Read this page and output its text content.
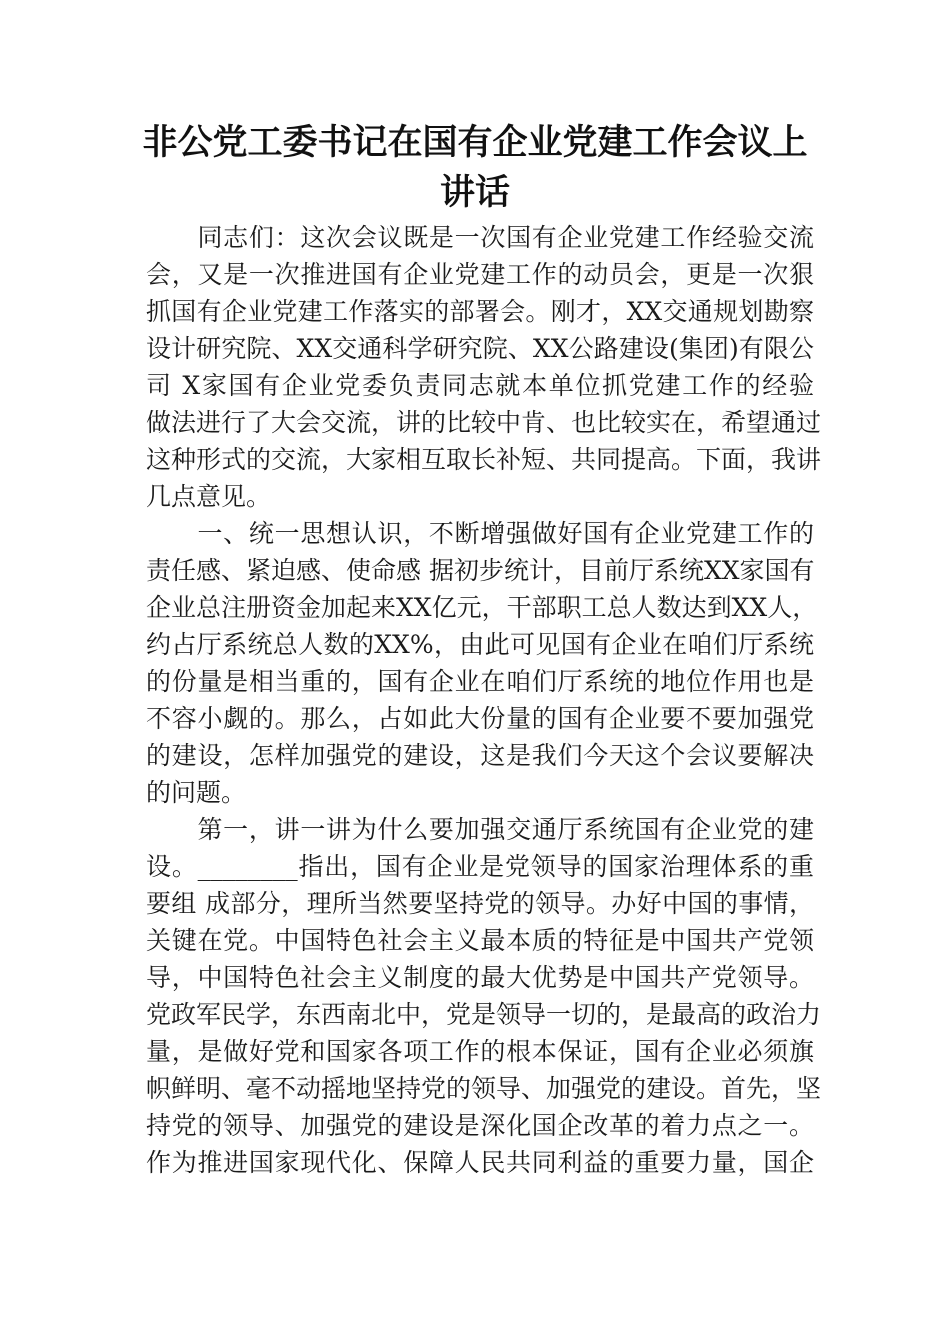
非公党工委书记在国有企业党建工作会议上
讲话
　　同志们：这次会议既是一次国有企业党建工作经验交流
会，又是一次推进国有企业党建工作的动员会，更是一次狠
抓国有企业党建工作落实的部署会。刚才，XX交通规划勘察
设计研究院、XX交通科学研究院、XX公路建设(集团)有限公
司 X家国有企业党委负责同志就本单位抓党建工作的经验
做法进行了大会交流，讲的比较中肯、也比较实在，希望通过
这种形式的交流，大家相互取长补短、共同提高。下面，我讲
几点意见。
　　一、统一思想认识，不断增强做好国有企业党建工作的
责任感、紧迫感、使命感 据初步统计，目前厅系统XX家国有
企业总注册资金加起来XX亿元，干部职工总人数达到XX人，
约占厅系统总人数的XX%，由此可见国有企业在咱们厅系统
的份量是相当重的，国有企业在咱们厅系统的地位作用也是
不容小觑的。那么，占如此大份量的国有企业要不要加强党
的建设，怎样加强党的建设，这是我们今天这个会议要解决
的问题。
　　第一，讲一讲为什么要加强交通厅系统国有企业党的建
设。________指出，国有企业是党领导的国家治理体系的重
要组 成部分，理所当然要坚持党的领导。办好中国的事情，
关键在党。中国特色社会主义最本质的特征是中国共产党领
导，中国特色社会主义制度的最大优势是中国共产党领导。
党政军民学，东西南北中，党是领导一切的，是最高的政治力
量，是做好党和国家各项工作的根本保证，国有企业必须旗
帜鲜明、毫不动摇地坚持党的领导、加强党的建设。首先，坚
持党的领导、加强党的建设是深化国企改革的着力点之一。
作为推进国家现代化、保障人民共同利益的重要力量，国企
